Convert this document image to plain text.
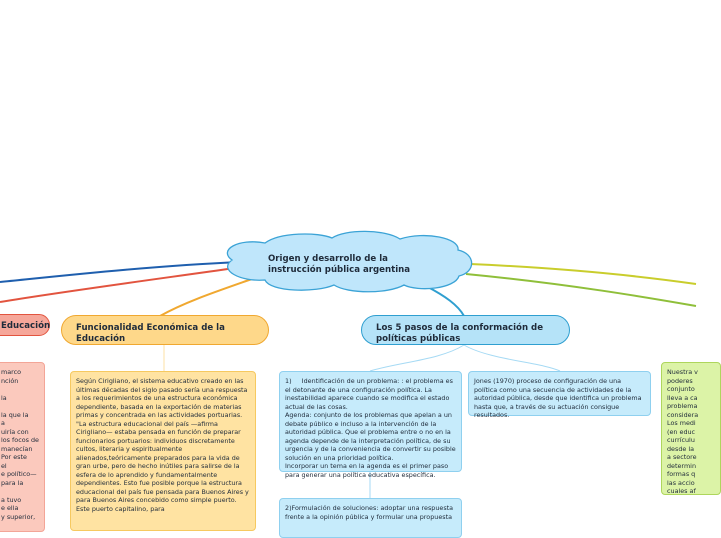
Origen y desarrollo de la instrucción pública argentina
Educación	Funcionalidad Económica de la Educación
Los 5 pasos de la conformación de políticas públicas
marco
nción

la

la que la
a
uiría con
los focos de
manecían
Por este
el
e político—
para la

a tuvo
e ella
y superior,
Según Cirigliano, el sistema educativo creado en las últimas décadas del siglo pasado sería una respuesta a los requerimientos de una estructura económica dependiente, basada en la exportación de materias primas y concentrada en las actividades portuarias.
"La estructura educacional del país —afirma Cirigliano— estaba pensada en función de preparar funcionarios portuarios: individuos discretamente cultos, literaria y espiritualmente alienados,teóricamente preparados para la vida de gran urbe, pero de hecho inútiles para salirse de la esfera de lo aprendido y fundamentalmente dependientes. Esto fue posible porque la estructura educacional del país fue pensada para Buenos Aires y para Buenos Aires concebido como simple puerto. Este puerto capitalino, para
1)     Identificación de un problema: : el problema es el detonante de una configuración política. La inestabilidad aparece cuando se modifica el estado actual de las cosas.
Agenda: conjunto de los problemas que apelan a un debate público e incluso a la intervención de la autoridad pública. Que el problema entre o no en la agenda depende de la interpretación política, de su urgencia y de la conveniencia de convertir su posible solución en una prioridad política.
Incorporar un tema en la agenda es el primer paso para generar una política educativa específica.
Jones (1970) proceso de configuración de una política como una secuencia de actividades de la autoridad pública, desde que identifica un problema hasta que, a través de su actuación consigue resultados.
2)Formulación de soluciones: adoptar una respuesta frente a la opinión pública y formular una propuesta
Nuestra v
poderes
conjunto
lleva a ca
problema
considera
Los medi
(en educ
currículu
desde la
a sectore
determin
formas q
las accio
cuales af
